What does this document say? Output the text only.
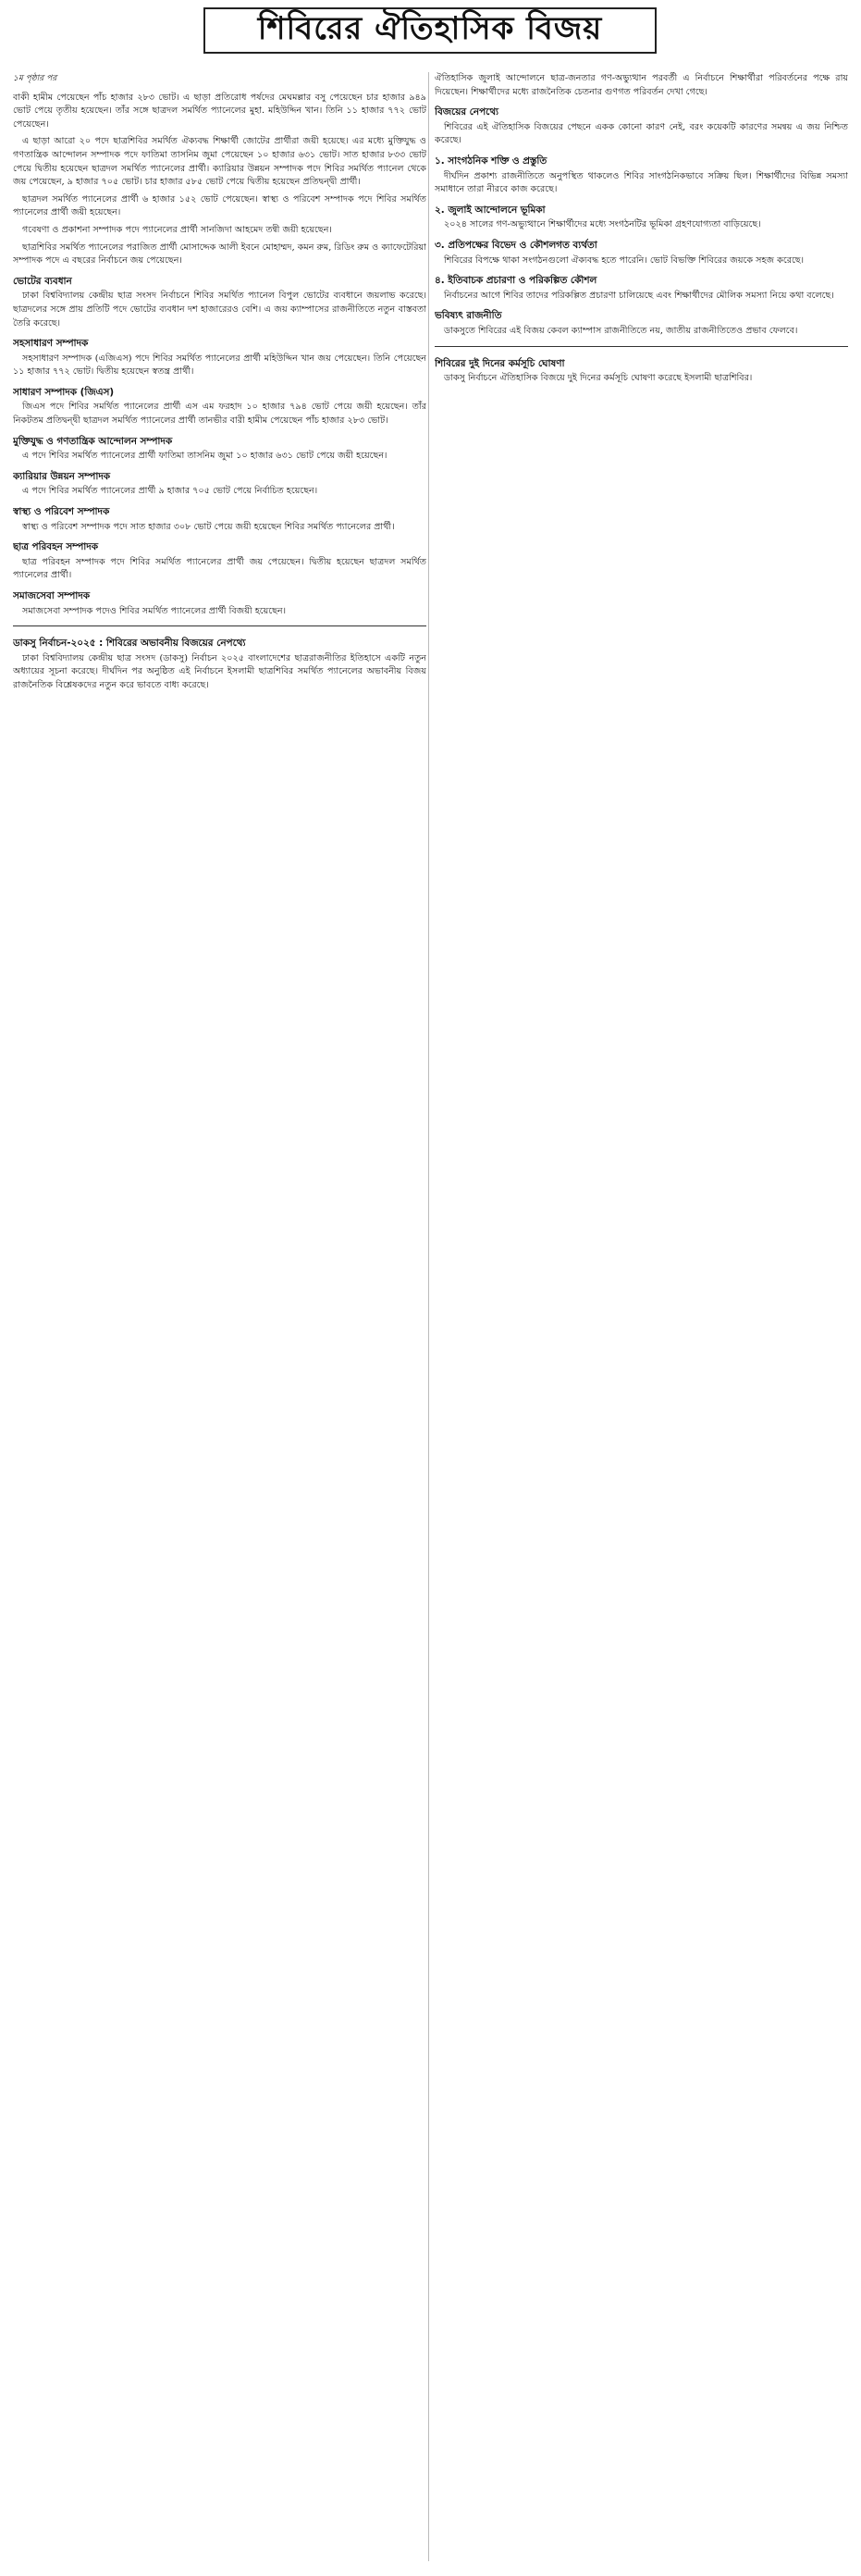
শিবিরের ঐতিহাসিক বিজয়

১ম পৃষ্ঠার পর

বাকী হামীম পেয়েছেন পাঁচ হাজার ২৮৩ ভোট। এ ছাড়া প্রতিরোধ পর্ষদের মেঘমল্লার বসু পেয়েছেন চার হাজার ৯৪৯ ভোট পেয়ে তৃতীয় হয়েছেন। তাঁর সঙ্গে ছাত্রদল সমর্থিত প্যানেলের মুহা. মহিউদ্দিন খান। তিনি ১১ হাজার ৭৭২ ভোট পেয়েছেন।

এ ছাড়া আরো ২০ পদে ছাত্রশিবির সমর্থিত ঐক্যবদ্ধ শিক্ষার্থী জোটের প্রার্থীরা জয়ী হয়েছে। এর মধ্যে মুক্তিযুদ্ধ ও গণতান্ত্রিক আন্দোলন সম্পাদক পদে ফাতিমা তাসনিম জুমা পেয়েছেন ১০ হাজার ৬৩১ ভোট। সাত হাজার ৮৩৩ ভোট পেয়ে দ্বিতীয় হয়েছেন ছাত্রদল সমর্থিত প্যানেলের প্রার্থী। ক্যারিয়ার উন্নয়ন সম্পাদক পদে শিবির সমর্থিত প্যানেল থেকে জয় পেয়েছেন, ৯ হাজার ৭০৫ ভোট। চার হাজার ৫৮৫ ভোট পেয়ে দ্বিতীয় হয়েছেন প্রতিদ্বন্দ্বী প্রার্থী।

ছাত্রদল সমর্থিত প্যানেলের প্রার্থী ৬ হাজার ১৫২ ভোট পেয়েছেন। স্বাস্থ্য ও পরিবেশ সম্পাদক পদে শিবির সমর্থিত প্যানেলের প্রার্থী জয়ী হয়েছেন।

গবেষণা ও প্রকাশনা সম্পাদক পদে প্যানেলের প্রার্থী সানজিদা আহমেদ তন্বী জয়ী হয়েছেন।

ছাত্রশিবির সমর্থিত প্যানেলের পরাজিত প্রার্থী মোসাদ্দেক আলী ইবনে মোহাম্মদ, কমন রুম, রিডিং রুম ও ক্যাফেটেরিয়া সম্পাদক পদে এ বছরের নির্বাচনে জয় পেয়েছেন।

ভোটের ব্যবধান

ঢাকা বিশ্ববিদ্যালয় কেন্দ্রীয় ছাত্র সংসদ নির্বাচনে শিবির সমর্থিত প্যানেল বিপুল ভোটের ব্যবধানে জয়লাভ করেছে। ছাত্রদলের সঙ্গে প্রায় প্রতিটি পদে ভোটের ব্যবধান দশ হাজারেরও বেশি। এ জয় ক্যাম্পাসের রাজনীতিতে নতুন বাস্তবতা তৈরি করেছে।

সহসাধারণ সম্পাদক

সহসাধারণ সম্পাদক (এজিএস) পদে শিবির সমর্থিত প্যানেলের প্রার্থী মহিউদ্দিন খান জয় পেয়েছেন। তিনি পেয়েছেন ১১ হাজার ৭৭২ ভোট। দ্বিতীয় হয়েছেন স্বতন্ত্র প্রার্থী।

সাধারণ সম্পাদক (জিএস)

জিএস পদে শিবির সমর্থিত প্যানেলের প্রার্থী এস এম ফরহাদ ১০ হাজার ৭৯৪ ভোট পেয়ে জয়ী হয়েছেন। তাঁর নিকটতম প্রতিদ্বন্দ্বী ছাত্রদল সমর্থিত প্যানেলের প্রার্থী তানভীর বারী হামীম পেয়েছেন পাঁচ হাজার ২৮৩ ভোট।

মুক্তিযুদ্ধ ও গণতান্ত্রিক আন্দোলন সম্পাদক

এ পদে শিবির সমর্থিত প্যানেলের প্রার্থী ফাতিমা তাসনিম জুমা ১০ হাজার ৬৩১ ভোট পেয়ে জয়ী হয়েছেন।

ক্যারিয়ার উন্নয়ন সম্পাদক

এ পদে শিবির সমর্থিত প্যানেলের প্রার্থী ৯ হাজার ৭০৫ ভোট পেয়ে নির্বাচিত হয়েছেন।

স্বাস্থ্য ও পরিবেশ সম্পাদক

স্বাস্থ্য ও পরিবেশ সম্পাদক পদে সাত হাজার ৩০৮ ভোট পেয়ে জয়ী হয়েছেন শিবির সমর্থিত প্যানেলের প্রার্থী।

ছাত্র পরিবহন সম্পাদক

ছাত্র পরিবহন সম্পাদক পদে শিবির সমর্থিত প্যানেলের প্রার্থী জয় পেয়েছেন। দ্বিতীয় হয়েছেন ছাত্রদল সমর্থিত প্যানেলের প্রার্থী।

সমাজসেবা সম্পাদক

সমাজসেবা সম্পাদক পদেও শিবির সমর্থিত প্যানেলের প্রার্থী বিজয়ী হয়েছেন।

ডাকসু নির্বাচন-২০২৫ : শিবিরের অভাবনীয় বিজয়ের নেপথ্যে

ঢাকা বিশ্ববিদ্যালয় কেন্দ্রীয় ছাত্র সংসদ (ডাকসু) নির্বাচন ২০২৫ বাংলাদেশের ছাত্ররাজনীতির ইতিহাসে একটি নতুন অধ্যায়ের সূচনা করেছে। দীর্ঘদিন পর অনুষ্ঠিত এই নির্বাচনে ইসলামী ছাত্রশিবির সমর্থিত প্যানেলের অভাবনীয় বিজয় রাজনৈতিক বিশ্লেষকদের নতুন করে ভাবতে বাধ্য করেছে।

ঐতিহাসিক জুলাই আন্দোলনে ছাত্র-জনতার গণ-অভ্যুত্থান পরবর্তী এ নির্বাচনে শিক্ষার্থীরা পরিবর্তনের পক্ষে রায় দিয়েছেন। শিক্ষার্থীদের মধ্যে রাজনৈতিক চেতনার গুণগত পরিবর্তন দেখা গেছে।

বিজয়ের নেপথ্যে

শিবিরের এই ঐতিহাসিক বিজয়ের পেছনে একক কোনো কারণ নেই, বরং কয়েকটি কারণের সমন্বয় এ জয় নিশ্চিত করেছে।

১. সাংগঠনিক শক্তি ও প্রস্তুতি

দীর্ঘদিন প্রকাশ্য রাজনীতিতে অনুপস্থিত থাকলেও শিবির সাংগঠনিকভাবে সক্রিয় ছিল। শিক্ষার্থীদের বিভিন্ন সমস্যা সমাধানে তারা নীরবে কাজ করেছে।

২. জুলাই আন্দোলনে ভূমিকা

২০২৪ সালের গণ-অভ্যুত্থানে শিক্ষার্থীদের মধ্যে সংগঠনটির ভূমিকা গ্রহণযোগ্যতা বাড়িয়েছে।

৩. প্রতিপক্ষের বিভেদ ও কৌশলগত ব্যর্থতা

শিবিরের বিপক্ষে থাকা সংগঠনগুলো ঐক্যবদ্ধ হতে পারেনি। ভোট বিভক্তি শিবিরের জয়কে সহজ করেছে।

৪. ইতিবাচক প্রচারণা ও পরিকল্পিত কৌশল

নির্বাচনের আগে শিবির তাদের পরিকল্পিত প্রচারণা চালিয়েছে এবং শিক্ষার্থীদের মৌলিক সমস্যা নিয়ে কথা বলেছে।

ভবিষ্যৎ রাজনীতি

ডাকসুতে শিবিরের এই বিজয় কেবল ক্যাম্পাস রাজনীতিতে নয়, জাতীয় রাজনীতিতেও প্রভাব ফেলবে।

শিবিরের দুই দিনের কর্মসূচি ঘোষণা

ডাকসু নির্বাচনে ঐতিহাসিক বিজয়ে দুই দিনের কর্মসূচি ঘোষণা করেছে ইসলামী ছাত্রশিবির।
